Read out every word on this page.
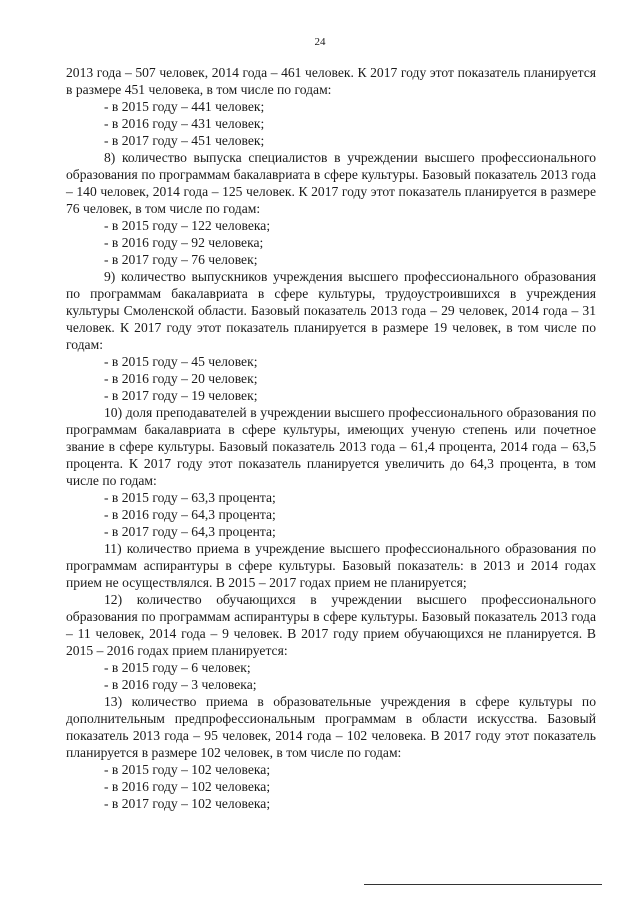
24

2013 года – 507 человек, 2014 года – 461 человек. К 2017 году этот показатель планируется в размере 451 человека, в том числе по годам:

- в 2015 году – 441 человек;
- в 2016 году – 431 человек;
- в 2017 году – 451 человек;

8) количество выпуска специалистов в учреждении высшего профессионального образования по программам бакалавриата в сфере культуры. Базовый показатель 2013 года – 140 человек, 2014 года – 125 человек. К 2017 году этот показатель планируется в размере 76 человек, в том числе по годам:

- в 2015 году – 122 человека;
- в 2016 году – 92 человека;
- в 2017 году – 76 человек;

9) количество выпускников учреждения высшего профессионального образования по программам бакалавриата в сфере культуры, трудоустроившихся в учреждения культуры Смоленской области. Базовый показатель 2013 года – 29 человек, 2014 года – 31 человек. К 2017 году этот показатель планируется в размере 19 человек, в том числе по годам:

- в 2015 году – 45 человек;
- в 2016 году – 20 человек;
- в 2017 году – 19 человек;

10) доля преподавателей в учреждении высшего профессионального образования по программам бакалавриата в сфере культуры, имеющих ученую степень или почетное звание в сфере культуры. Базовый показатель 2013 года – 61,4 процента, 2014 года – 63,5 процента. К 2017 году этот показатель планируется увеличить до 64,3 процента, в том числе по годам:

- в 2015 году – 63,3 процента;
- в 2016 году – 64,3 процента;
- в 2017 году – 64,3 процента;

11) количество приема в учреждение высшего профессионального образования по программам аспирантуры в сфере культуры. Базовый показатель: в 2013 и 2014 годах прием не осуществлялся. В 2015 – 2017 годах прием не планируется;

12) количество обучающихся в учреждении высшего профессионального образования по программам аспирантуры в сфере культуры. Базовый показатель 2013 года – 11 человек, 2014 года – 9 человек. В 2017 году прием обучающихся не планируется. В 2015 – 2016 годах прием планируется:

- в 2015 году – 6 человек;
- в 2016 году – 3 человека;

13) количество приема в образовательные учреждения в сфере культуры по дополнительным предпрофессиональным программам в области искусства. Базовый показатель 2013 года – 95 человек, 2014 года – 102 человека. В 2017 году этот показатель планируется в размере 102 человек, в том числе по годам:

- в 2015 году – 102 человека;
- в 2016 году – 102 человека;
- в 2017 году – 102 человека;
